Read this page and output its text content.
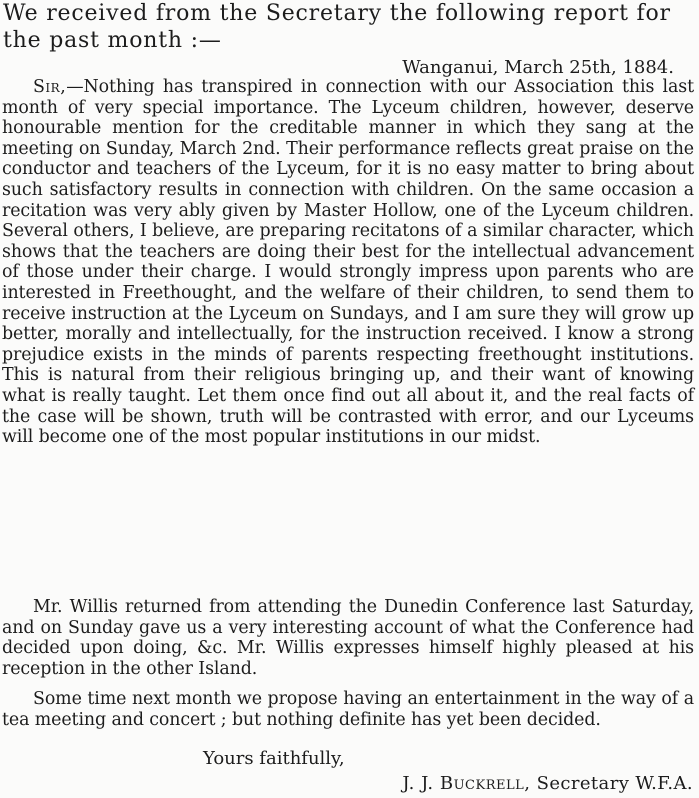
We received from the Secretary the following report for the past month :—
Wanganui, March 25th, 1884.

Sir,—Nothing has transpired in connection with our Association this last month of very special importance. The Lyceum children, however, deserve honourable mention for the creditable manner in which they sang at the meeting on Sunday, March 2nd. Their performance reflects great praise on the conductor and teachers of the Lyceum, for it is no easy matter to bring about such satisfactory results in connection with children. On the same occasion a recitation was very ably given by Master Hollow, one of the Lyceum children. Several others, I believe, are preparing recitatons of a similar character, which shows that the teachers are doing their best for the intellectual advancement of those under their charge. I would strongly impress upon parents who are interested in Freethought, and the welfare of their children, to send them to receive instruction at the Lyceum on Sundays, and I am sure they will grow up better, morally and intellectually, for the instruction received. I know a strong prejudice exists in the minds of parents respecting freethought institutions. This is natural from their religious bringing up, and their want of knowing what is really taught. Let them once find out all about it, and the real facts of the case will be shown, truth will be contrasted with error, and our Lyceums will become one of the most popular institutions in our midst.

Mr. Willis returned from attending the Dunedin Conference last Saturday, and on Sunday gave us a very interesting account of what the Conference had decided upon doing, &c. Mr. Willis expresses himself highly pleased at his reception in the other Island.

Some time next month we propose having an entertainment in the way of a tea meeting and concert ; but nothing definite has yet been decided.

Yours faithfully,
J. J. Buckrell, Secretary W.F.A.
